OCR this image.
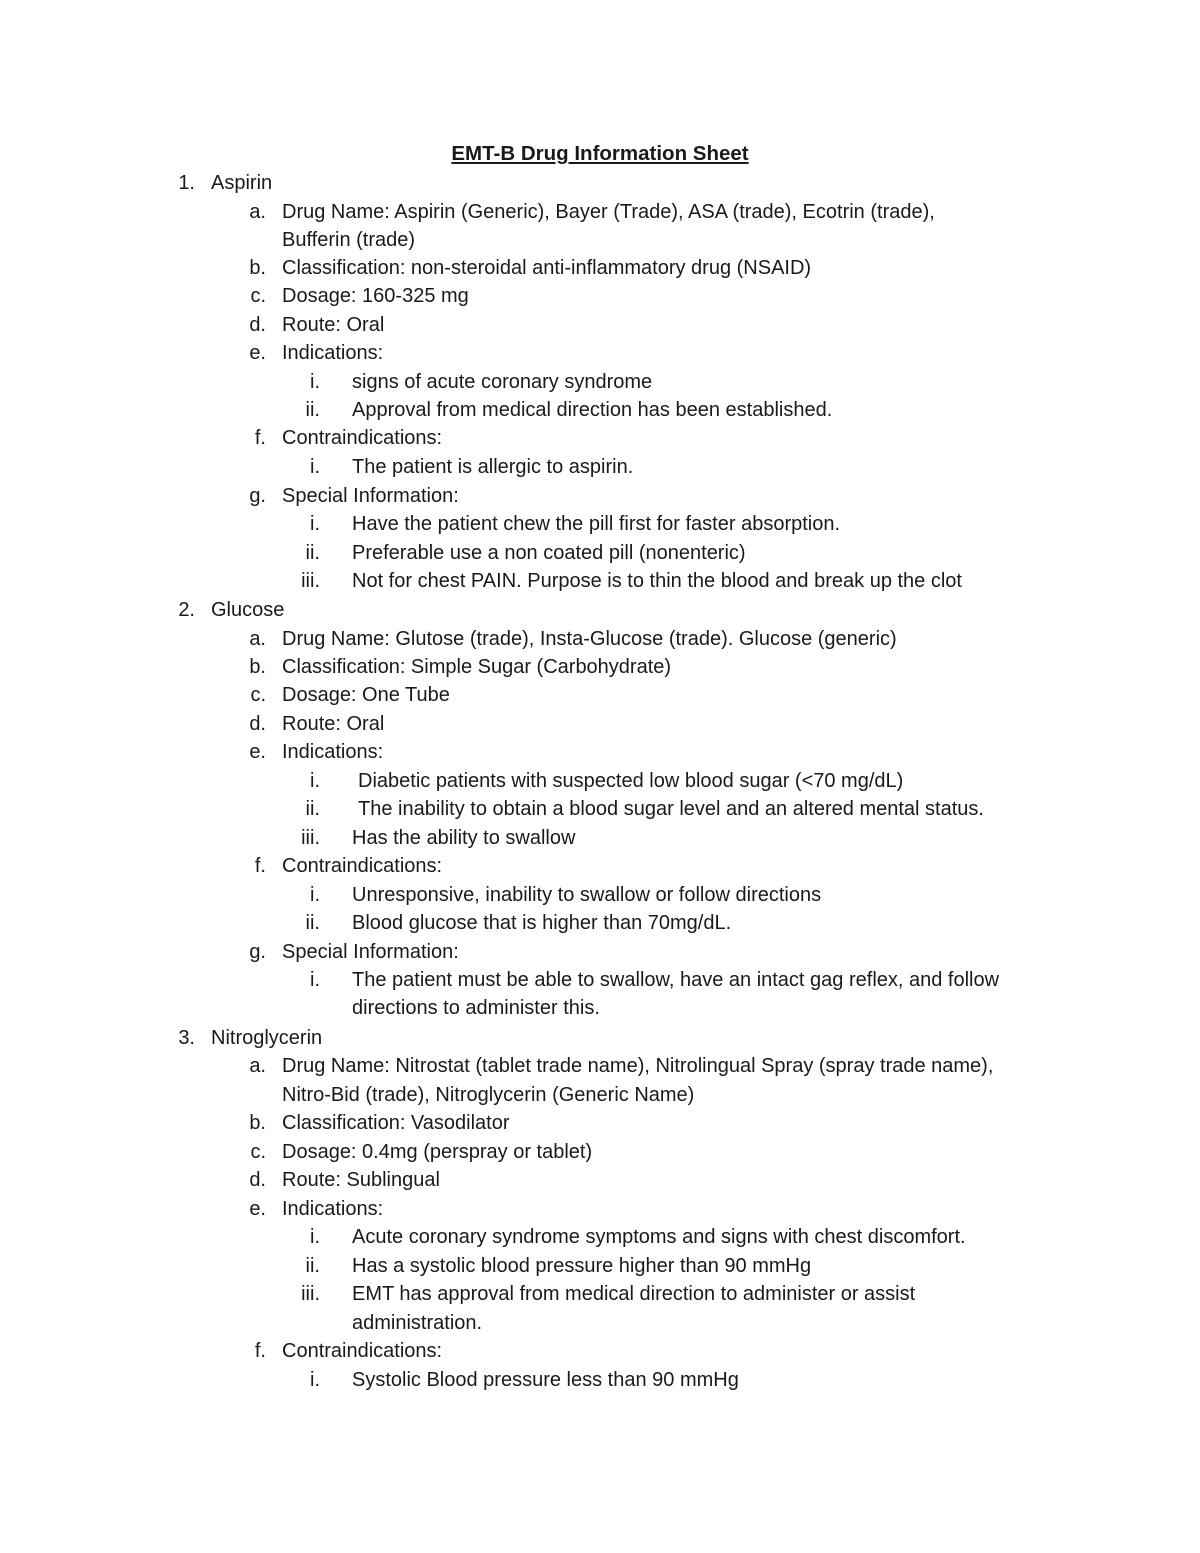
EMT-B Drug Information Sheet
1. Aspirin
a. Drug Name: Aspirin (Generic), Bayer (Trade), ASA (trade), Ecotrin (trade),
Bufferin (trade)
b. Classification: non-steroidal anti-inflammatory drug (NSAID)
c. Dosage: 160-325 mg
d. Route: Oral
e. Indications:
i. signs of acute coronary syndrome
ii. Approval from medical direction has been established.
f. Contraindications:
i. The patient is allergic to aspirin.
g. Special Information:
i. Have the patient chew the pill first for faster absorption.
ii. Preferable use a non coated pill (nonenteric)
iii. Not for chest PAIN. Purpose is to thin the blood and break up the clot
2. Glucose
a. Drug Name: Glutose (trade), Insta-Glucose (trade). Glucose (generic)
b. Classification: Simple Sugar (Carbohydrate)
c. Dosage: One Tube
d. Route: Oral
e. Indications:
i. Diabetic patients with suspected low blood sugar (<70 mg/dL)
ii. The inability to obtain a blood sugar level and an altered mental status.
iii. Has the ability to swallow
f. Contraindications:
i. Unresponsive, inability to swallow or follow directions
ii. Blood glucose that is higher than 70mg/dL.
g. Special Information:
i. The patient must be able to swallow, have an intact gag reflex, and follow
directions to administer this.
3. Nitroglycerin
a. Drug Name: Nitrostat (tablet trade name), Nitrolingual Spray (spray trade name),
Nitro-Bid (trade), Nitroglycerin (Generic Name)
b. Classification: Vasodilator
c. Dosage: 0.4mg (perspray or tablet)
d. Route: Sublingual
e. Indications:
i. Acute coronary syndrome symptoms and signs with chest discomfort.
ii. Has a systolic blood pressure higher than 90 mmHg
iii. EMT has approval from medical direction to administer or assist
administration.
f. Contraindications:
i. Systolic Blood pressure less than 90 mmHg
